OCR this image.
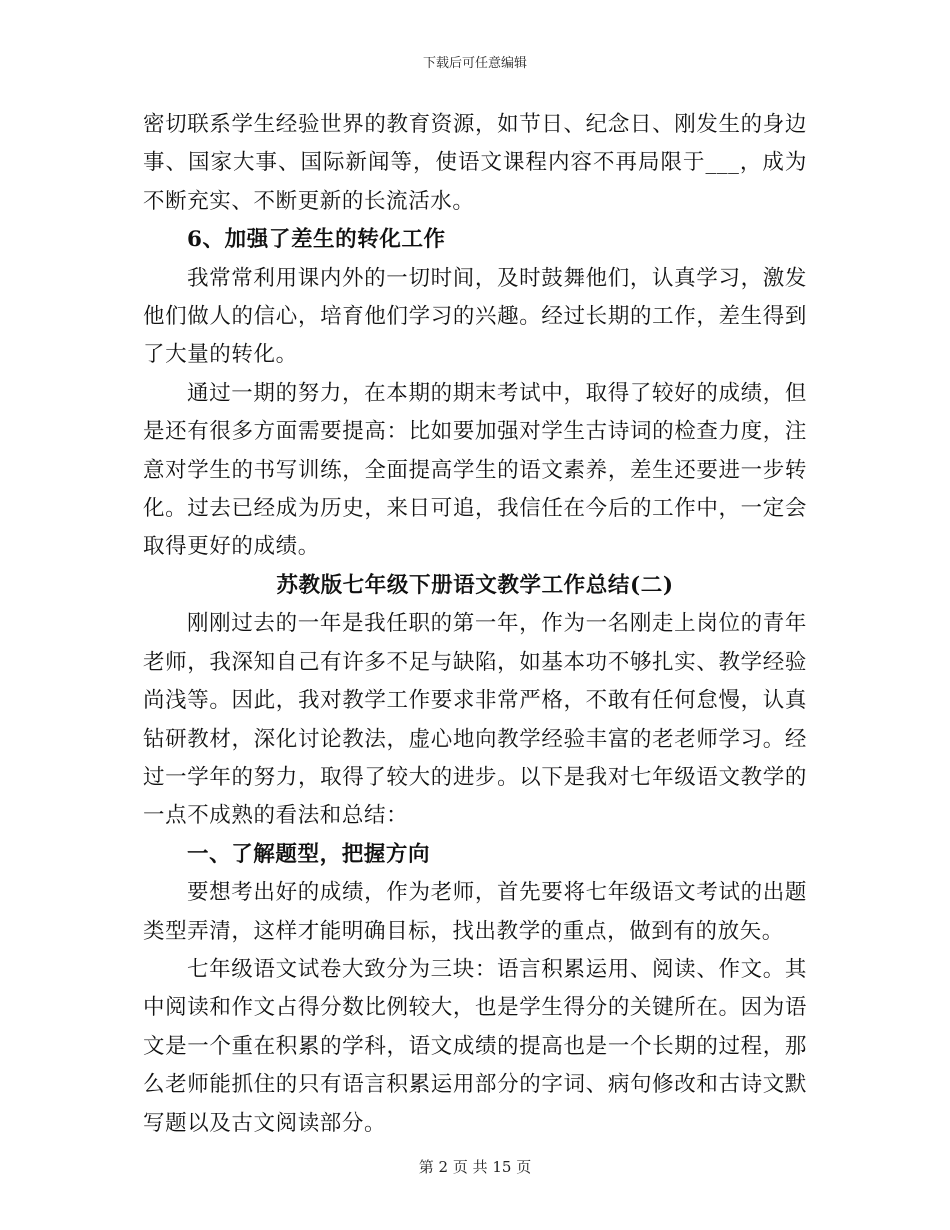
下载后可任意编辑

密切联系学生经验世界的教育资源，如节日、纪念日、刚发生的身边事、国家大事、国际新闻等，使语文课程内容不再局限于___，成为不断充实、不断更新的长流活水。

6、加强了差生的转化工作

我常常利用课内外的一切时间，及时鼓舞他们，认真学习，激发他们做人的信心，培育他们学习的兴趣。经过长期的工作，差生得到了大量的转化。

通过一期的努力，在本期的期末考试中，取得了较好的成绩，但是还有很多方面需要提高：比如要加强对学生古诗词的检查力度，注意对学生的书写训练，全面提高学生的语文素养，差生还要进一步转化。过去已经成为历史，来日可追，我信任在今后的工作中，一定会取得更好的成绩。

苏教版七年级下册语文教学工作总结(二)

刚刚过去的一年是我任职的第一年，作为一名刚走上岗位的青年老师，我深知自己有许多不足与缺陷，如基本功不够扎实、教学经验尚浅等。因此，我对教学工作要求非常严格，不敢有任何怠慢，认真钻研教材，深化讨论教法，虚心地向教学经验丰富的老老师学习。经过一学年的努力，取得了较大的进步。以下是我对七年级语文教学的一点不成熟的看法和总结：

一、了解题型，把握方向

要想考出好的成绩，作为老师，首先要将七年级语文考试的出题类型弄清，这样才能明确目标，找出教学的重点，做到有的放矢。

七年级语文试卷大致分为三块：语言积累运用、阅读、作文。其中阅读和作文占得分数比例较大，也是学生得分的关键所在。因为语文是一个重在积累的学科，语文成绩的提高也是一个长期的过程，那么老师能抓住的只有语言积累运用部分的字词、病句修改和古诗文默写题以及古文阅读部分。

第 2 页 共 15 页
